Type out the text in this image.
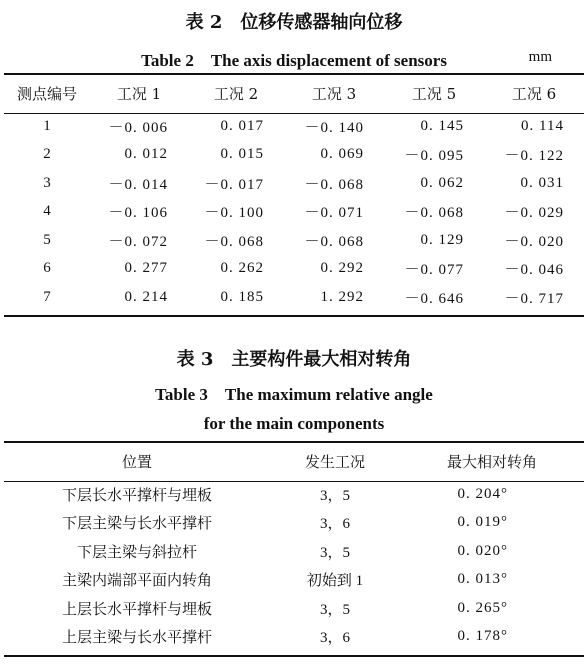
表 2　位移传感器轴向位移
Table 2　The axis displacement of sensors	mm
测点编号	工况 1	工况 2	工况 3	工况 5	工况 6
1	－0. 006	0. 017	－0. 140	0. 145	0. 114
2	0. 012	0. 015	0. 069	－0. 095	－0. 122
3	－0. 014	－0. 017	－0. 068	0. 062	0. 031
4	－0. 106	－0. 100	－0. 071	－0. 068	－0. 029
5	－0. 072	－0. 068	－0. 068	0. 129	－0. 020
6	0. 277	0. 262	0. 292	－0. 077	－0. 046
7	0. 214	0. 185	1. 292	－0. 646	－0. 717
表 3　主要构件最大相对转角
Table 3　The maximum relative angle
for the main components
位置	发生工况	最大相对转角
下层长水平撑杆与埋板	3，5	0. 204°
下层主梁与长水平撑杆	3，6	0. 019°
下层主梁与斜拉杆	3，5	0. 020°
主梁内端部平面内转角	初始到 1	0. 013°
上层长水平撑杆与埋板	3，5	0. 265°
上层主梁与长水平撑杆	3，6	0. 178°
